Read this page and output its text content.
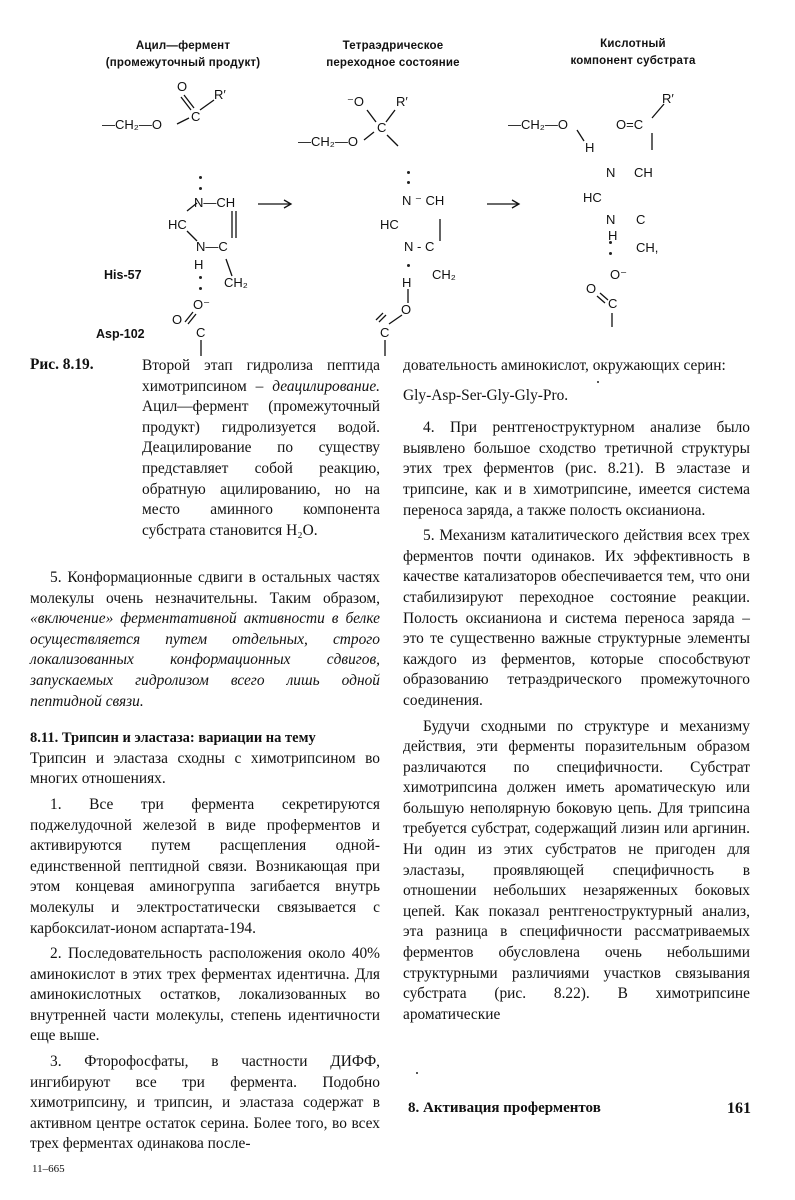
Ацил—фермент
(промежуточный продукт)
Тетраэдрическое
переходное состояние
Кислотный
компонент субстрата
O
R′
—CH₂—O
C
N—CH
HC
N—C
H
CH₂
O⁻
O
C
His-57
Asp-102
⁻O R′
—CH₂—O
C
N ⁻ CH
HC
N - C
CH₂
H
O
C
—CH₂—O
H
O=C
R′
N CH
HC
N C
H
CH,
O⁻
O
C
Рис. 8.19.	Второй этап гидролиза пептида химотрипсином – деацилирование. Ацил—фермент (промежуточный продукт) гидролизуется водой. Деацилирование по существу представляет собой реакцию, обратную ацилированию, но на место аминного компонента субстрата становится H₂O.

5. Конформационные сдвиги в остальных частях молекулы очень незначительны. Таким образом, «включение» ферментативной активности в белке осуществляется путем отдельных, строго локализованных конформационных сдвигов, запускаемых гидролизом всего лишь одной пептидной связи.

8.11. Трипсин и эластаза: вариации на тему

Трипсин и эластаза сходны с химотрипсином во многих отношениях.

1. Все три фермента секретируются поджелудочной железой в виде проферментов и активируются путем расщепления одной-единственной пептидной связи. Возникающая при этом концевая аминогруппа загибается внутрь молекулы и электростатически связывается с карбоксилат-ионом аспартата-194.

2. Последовательность расположения около 40% аминокислот в этих трех ферментах идентична. Для аминокислотных остатков, локализованных во внутренней части молекулы, степень идентичности еще выше.

3. Фторофосфаты, в частности ДИФФ, ингибируют все три фермента. Подобно химотрипсину, и трипсин, и эластаза содержат в активном центре остаток серина. Более того, во всех трех ферментах одинакова после-

довательность аминокислот, окружающих серин:

Gly-Asp-Ser-Gly-Gly-Pro.

4. При рентгеноструктурном анализе было выявлено большое сходство третичной структуры этих трех ферментов (рис. 8.21). В эластазе и трипсине, как и в химотрипсине, имеется система переноса заряда, а также полость оксианиона.

5. Механизм каталитического действия всех трех ферментов почти одинаков. Их эффективность в качестве катализаторов обеспечивается тем, что они стабилизируют переходное состояние реакции. Полость оксианиона и система переноса заряда – это те существенно важные структурные элементы каждого из ферментов, которые способствуют образованию тетраэдрического промежуточного соединения.

Будучи сходными по структуре и механизму действия, эти ферменты поразительным образом различаются по специфичности. Субстрат химотрипсина должен иметь ароматическую или большую неполярную боковую цепь. Для трипсина требуется субстрат, содержащий лизин или аргинин. Ни один из этих субстратов не пригоден для эластазы, проявляющей специфичность в отношении небольших незаряженных боковых цепей. Как показал рентгеноструктурный анализ, эта разница в специфичности рассматриваемых ферментов обусловлена очень небольшими структурными различиями участков связывания субстрата (рис. 8.22). В химотрипсине ароматические

8. Активация проферментов	161
11–665
